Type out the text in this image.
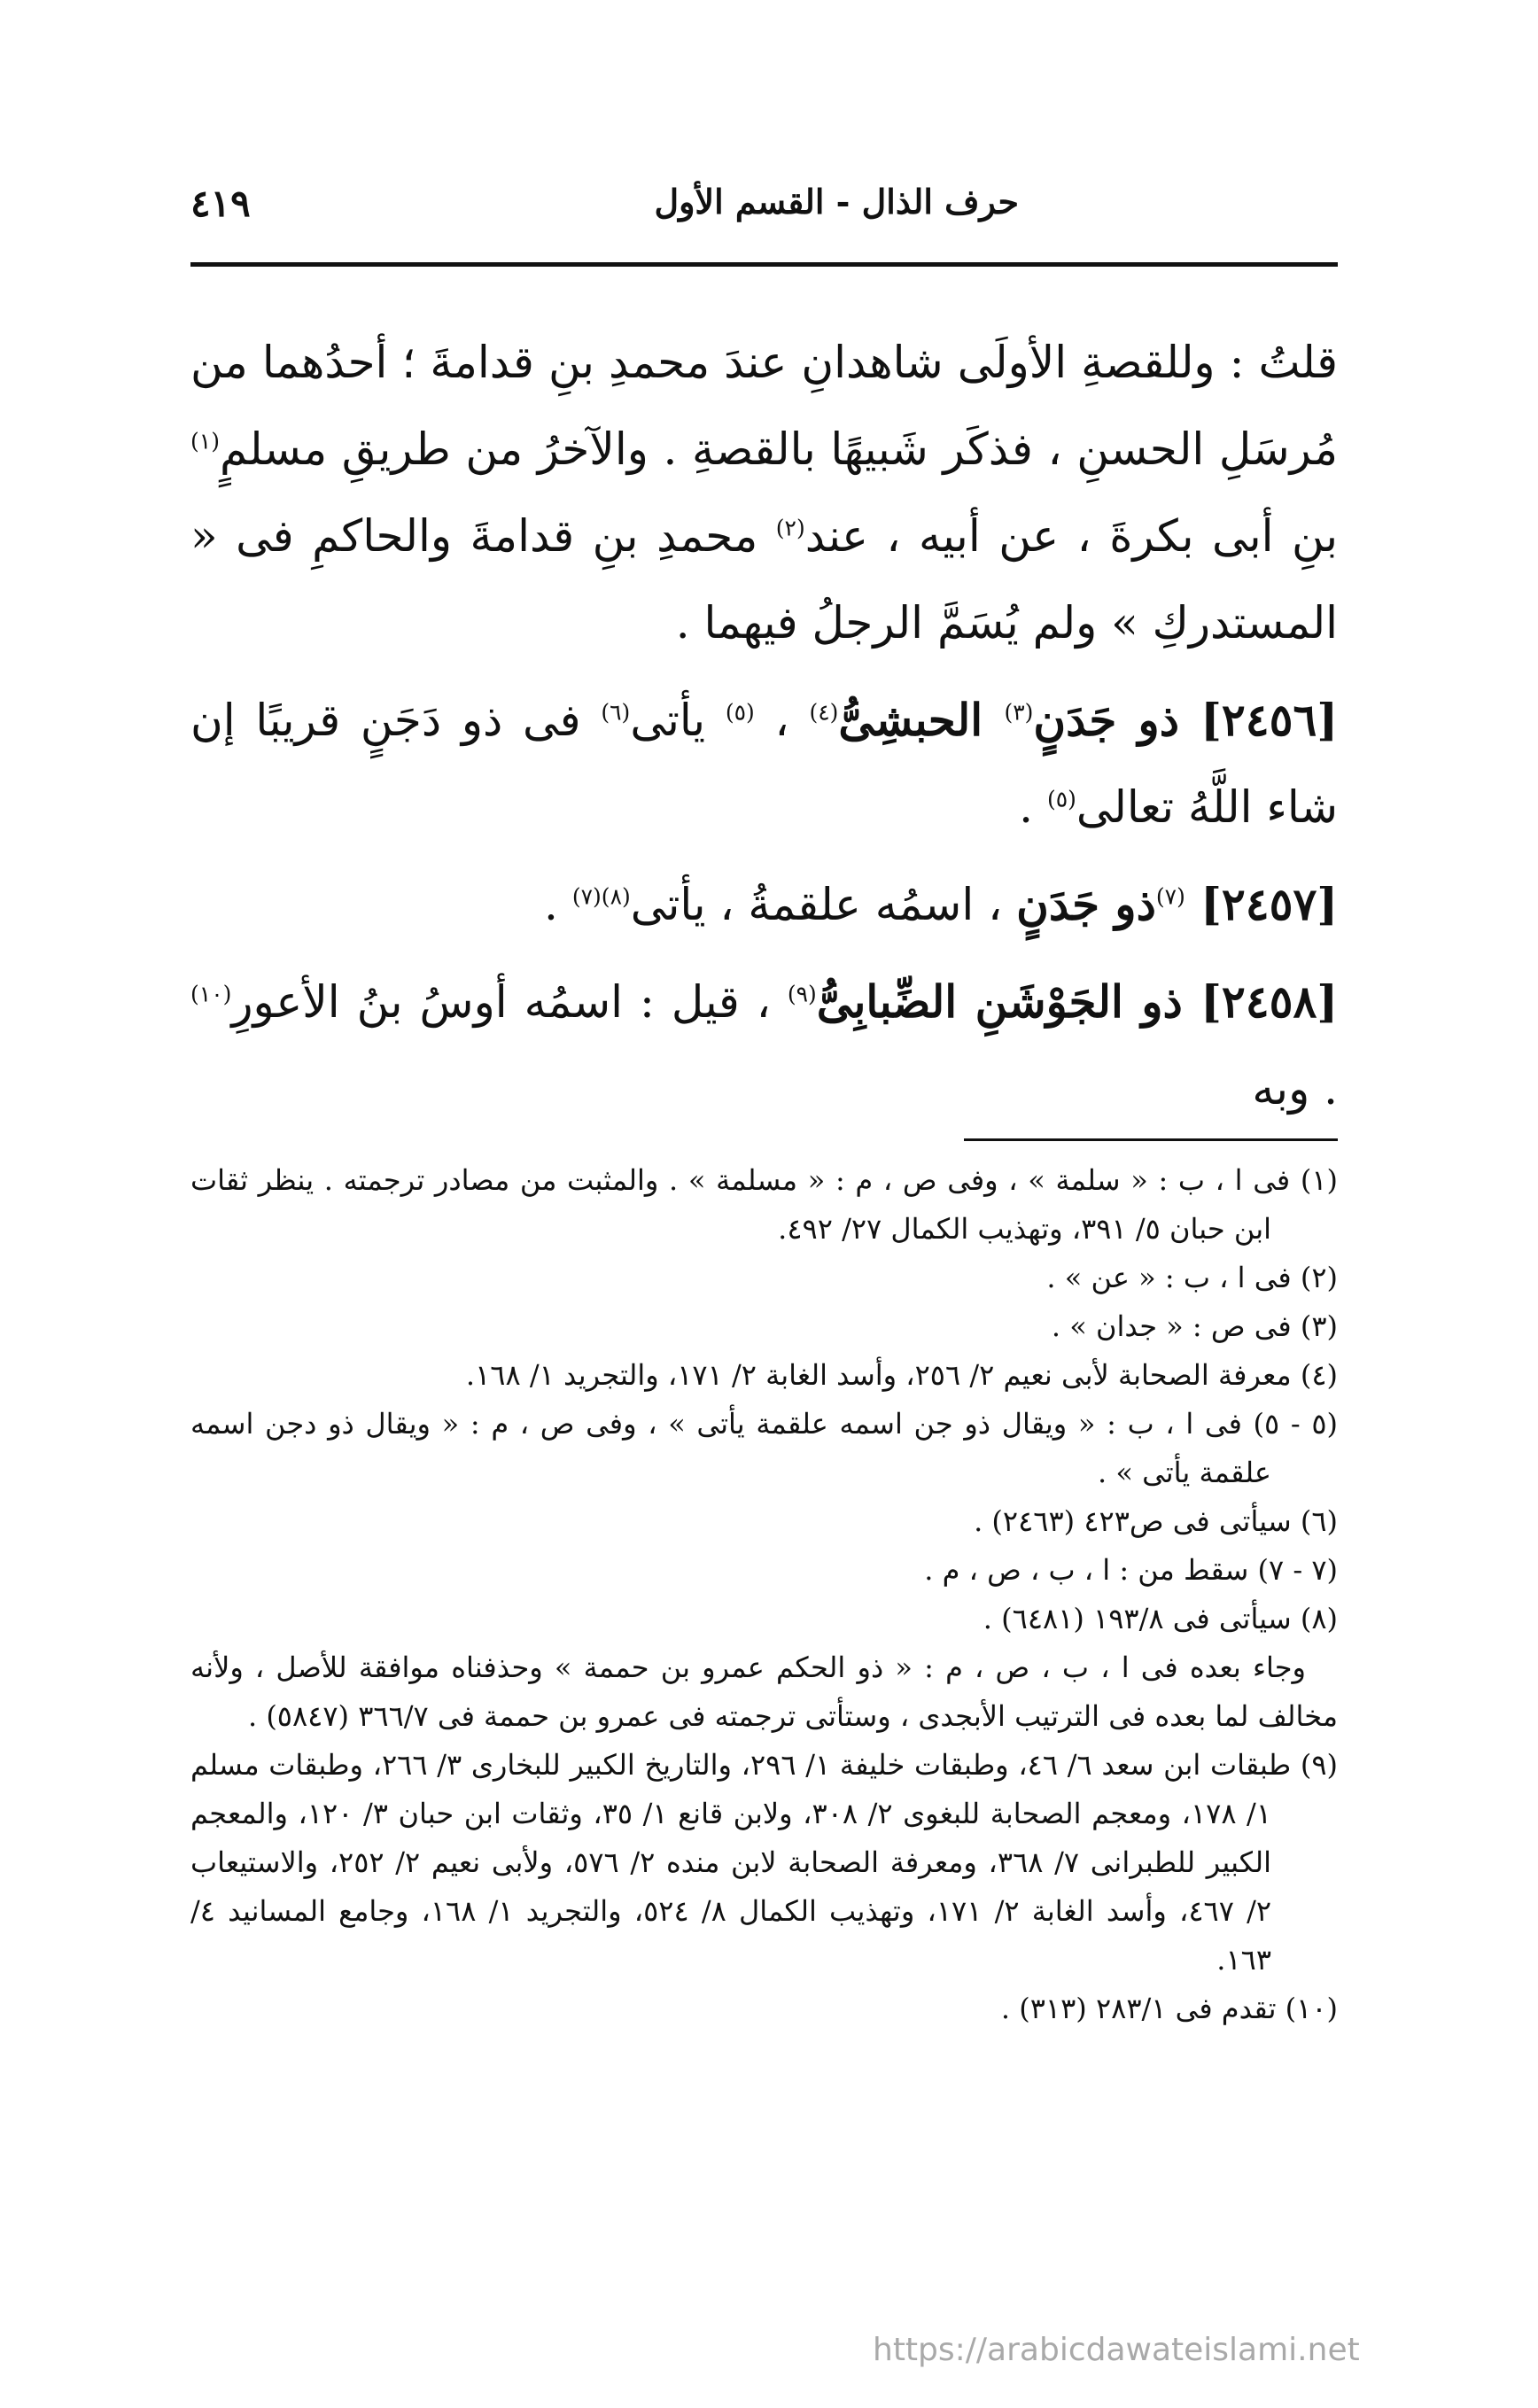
حرف الذال - القسم الأول
٤١٩

قلتُ : وللقصةِ الأولَى شاهدانِ عندَ محمدِ بنِ قدامةَ ؛ أحدُهما من مُرسَلِ الحسنِ ، فذكَر شَبيهًا بالقصةِ . والآخرُ من طريقِ مسلمٍ$^{(١)}$ بنِ أبى بكرةَ ، عن أبيه ، عند$^{(٢)}$ محمدِ بنِ قدامةَ والحاكمِ فى « المستدركِ » ولم يُسَمَّ الرجلُ فيهما .

[٢٤٥٦] ذو جَدَنٍ$^{(٣)}$ الحبشِىُّ$^{(٤)}$ ، $^{(٥)}$ يأتى$^{(٦)}$ فى ذو دَجَنٍ قريبًا إن شاء اللَّهُ تعالى$^{(٥)}$ .

[٢٤٥٧] $^{(٧)}$ذو جَدَنٍ ، اسمُه علقمةُ ، يأتى$^{(٨)(٧)}$ .

[٢٤٥٨] ذو الجَوْشَنِ الضِّبابِىُّ$^{(٩)}$ ، قيل : اسمُه أوسُ بنُ الأعورِ$^{(١٠)}$ . وبه

(١) فى ا ، ب : « سلمة » ، وفى ص ، م : « مسلمة » . والمثبت من مصادر ترجمته . ينظر ثقات ابن حبان ٥/ ٣٩١، وتهذيب الكمال ٢٧/ ٤٩٢.

(٢) فى ا ، ب : « عن » .

(٣) فى ص : « جدان » .

(٤) معرفة الصحابة لأبى نعيم ٢/ ٢٥٦، وأسد الغابة ٢/ ١٧١، والتجريد ١/ ١٦٨.

(٥ - ٥) فى ا ، ب : « ويقال ذو جن اسمه علقمة يأتى » ، وفى ص ، م : « ويقال ذو دجن اسمه علقمة يأتى » .

(٦) سيأتى فى ص٤٢٣ (٢٤٦٣) .

(٧ - ٧) سقط من : ا ، ب ، ص ، م .

(٨) سيأتى فى ١٩٣/٨ (٦٤٨١) .

وجاء بعده فى ا ، ب ، ص ، م : « ذو الحكم عمرو بن حممة » وحذفناه موافقة للأصل ، ولأنه مخالف لما بعده فى الترتيب الأبجدى ، وستأتى ترجمته فى عمرو بن حممة فى ٣٦٦/٧ (٥٨٤٧) .

(٩) طبقات ابن سعد ٦/ ٤٦، وطبقات خليفة ١/ ٢٩٦، والتاريخ الكبير للبخارى ٣/ ٢٦٦، وطبقات مسلم ١/ ١٧٨، ومعجم الصحابة للبغوى ٢/ ٣٠٨، ولابن قانع ١/ ٣٥، وثقات ابن حبان ٣/ ١٢٠، والمعجم الكبير للطبرانى ٧/ ٣٦٨، ومعرفة الصحابة لابن منده ٢/ ٥٧٦، ولأبى نعيم ٢/ ٢٥٢، والاستيعاب ٢/ ٤٦٧، وأسد الغابة ٢/ ١٧١، وتهذيب الكمال ٨/ ٥٢٤، والتجريد ١/ ١٦٨، وجامع المسانيد ٤/ ١٦٣.

(١٠) تقدم فى ٢٨٣/١ (٣١٣) .

https://arabicdawateislami.net
